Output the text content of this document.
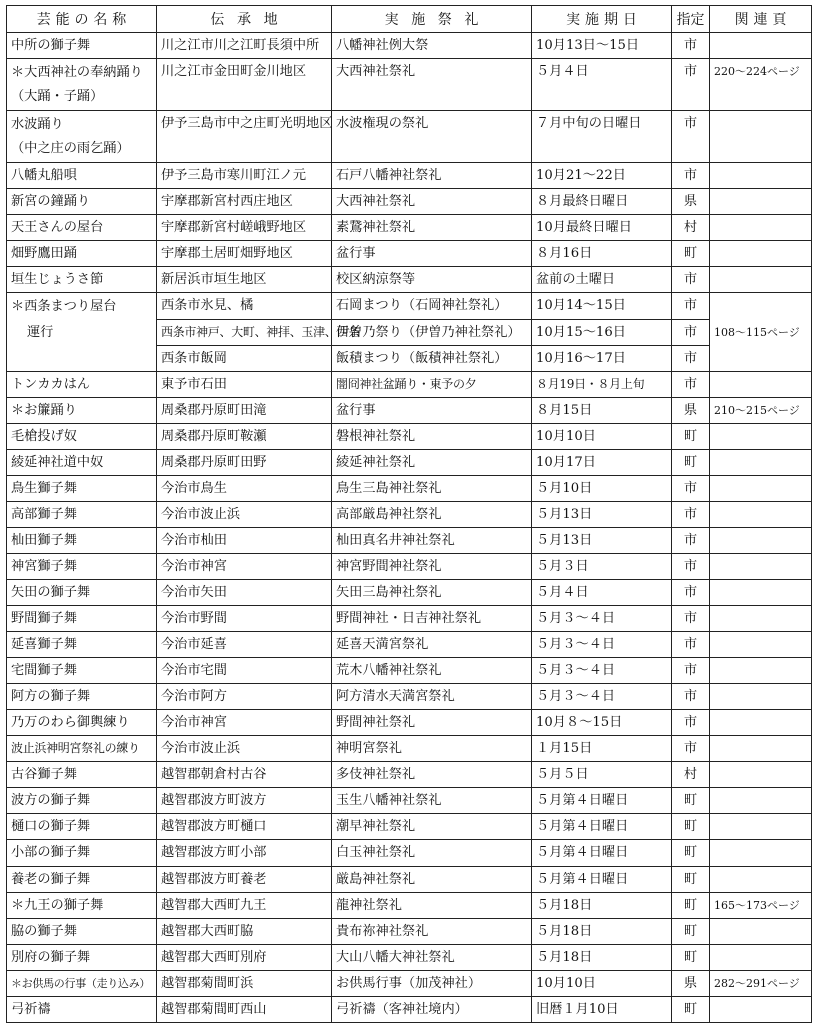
芸能の名称	伝承地	実施祭礼	実施期日	指定	関連頁
中所の獅子舞	川之江市川之江町長須中所	八幡神社例大祭	10月13日～15日	市	

＊大西神社の奉納踊り
（大踊・子踊）	川之江市金田町金川地区	大西神社祭礼	５月４日	市	220～224ページ

水波踊り
（中之庄の雨乞踊）	伊予三島市中之庄町光明地区	水波権現の祭礼	７月中旬の日曜日	市	
八幡丸船唄	伊予三島市寒川町江ノ元	石戸八幡神社祭礼	10月21～22日	市	
新宮の鐘踊り	宇摩郡新宮村西庄地区	大西神社祭礼	８月最終日曜日	県	
天王さんの屋台	宇摩郡新宮村嵯峨野地区	素鵞神社祭礼	10月最終日曜日	村	
畑野鷹田踊	宇摩郡土居町畑野地区	盆行事	８月16日	町	
垣生じょうさ節	新居浜市垣生地区	校区納涼祭等	盆前の土曜日	市	
＊西条まつり屋台	西条市氷見、橘	石岡まつり（石岡神社祭礼）	10月14～15日	市	
運行	西条市神戸、大町、神拝、玉津、西条	伊曽乃祭り（伊曽乃神社祭礼）	10月15～16日	市	108～115ページ
	西条市飯岡	飯積まつり（飯積神社祭礼）	10月16～17日	市	
トンカカはん	東予市石田	闇冏神社盆踊り・東予の夕	８月19日・８月上旬	市	
＊お簾踊り	周桑郡丹原町田滝	盆行事	８月15日	県	210～215ページ
毛槍投げ奴	周桑郡丹原町鞍瀬	磐根神社祭礼	10月10日	町	
綾延神社道中奴	周桑郡丹原町田野	綾延神社祭礼	10月17日	町	
鳥生獅子舞	今治市鳥生	鳥生三島神社祭礼	５月10日	市	
高部獅子舞	今治市波止浜	高部厳島神社祭礼	５月13日	市	
杣田獅子舞	今治市杣田	杣田真名井神社祭礼	５月13日	市	
神宮獅子舞	今治市神宮	神宮野間神社祭礼	５月３日	市	
矢田の獅子舞	今治市矢田	矢田三島神社祭礼	５月４日	市	
野間獅子舞	今治市野間	野間神社・日吉神社祭礼	５月３～４日	市	
延喜獅子舞	今治市延喜	延喜天満宮祭礼	５月３～４日	市	
宅間獅子舞	今治市宅間	荒木八幡神社祭礼	５月３～４日	市	
阿方の獅子舞	今治市阿方	阿方清水天満宮祭礼	５月３～４日	市	
乃万のわら御輿練り	今治市神宮	野間神社祭礼	10月８～15日	市	
波止浜神明宮祭礼の練り	今治市波止浜	神明宮祭礼	１月15日	市	
古谷獅子舞	越智郡朝倉村古谷	多伎神社祭礼	５月５日	村	
波方の獅子舞	越智郡波方町波方	玉生八幡神社祭礼	５月第４日曜日	町	
樋口の獅子舞	越智郡波方町樋口	潮早神社祭礼	５月第４日曜日	町	
小部の獅子舞	越智郡波方町小部	白玉神社祭礼	５月第４日曜日	町	
養老の獅子舞	越智郡波方町養老	厳島神社祭礼	５月第４日曜日	町	
＊九王の獅子舞	越智郡大西町九王	龍神社祭礼	５月18日	町	165～173ページ
脇の獅子舞	越智郡大西町脇	貴布祢神社祭礼	５月18日	町	
別府の獅子舞	越智郡大西町別府	大山八幡大神社祭礼	５月18日	町	
＊お供馬の行事（走り込み）	越智郡菊間町浜	お供馬行事（加茂神社）	10月10日	県	282～291ページ
弓祈禱	越智郡菊間町西山	弓祈禱（客神社境内）	旧暦１月10日	町	
